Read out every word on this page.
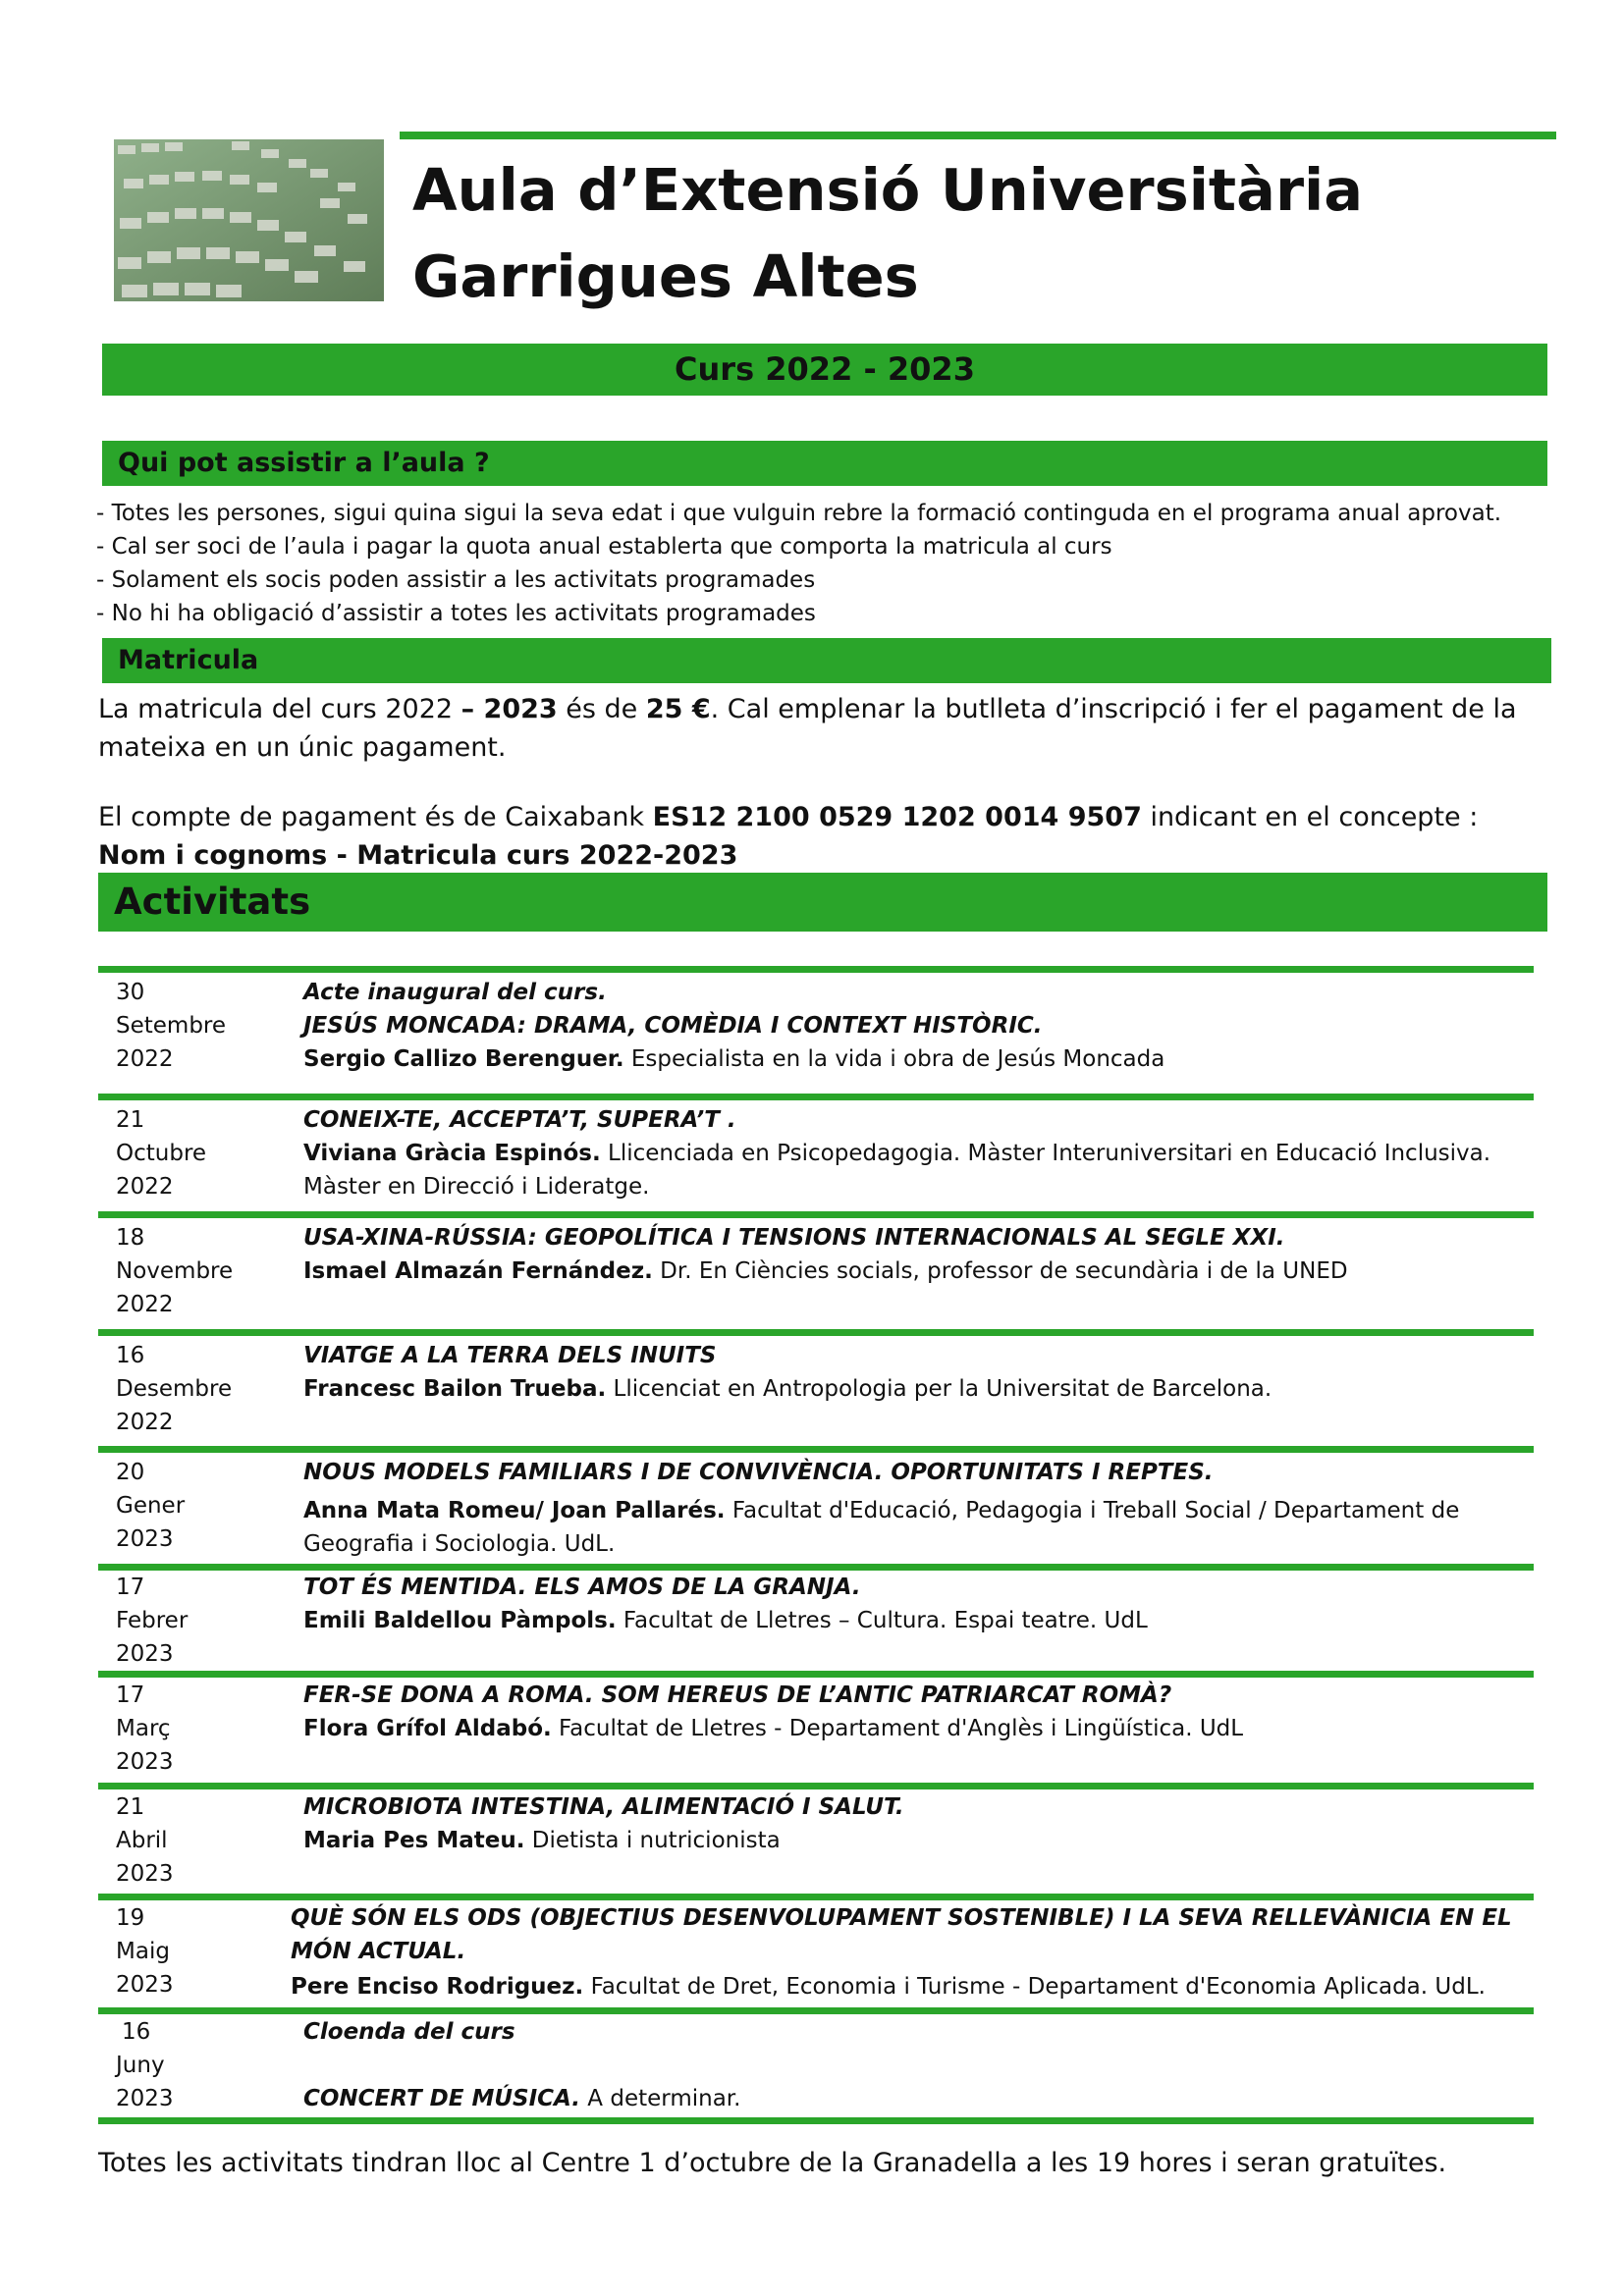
Aula d’Extensió Universitària
Garrigues Altes
Curs 2022 - 2023
Qui pot assistir a l’aula ?
- Totes les persones, sigui quina sigui la seva edat i que vulguin rebre la formació continguda en el programa anual aprovat.
- Cal ser soci de l’aula i pagar la quota anual establerta que comporta la matricula al curs
- Solament els socis poden assistir a les activitats programades
- No hi ha obligació d’assistir a totes les activitats programades
Matricula
La matricula del curs 2022 – 2023 és de 25 €. Cal emplenar la butlleta d’inscripció i fer el pagament de la mateixa en un únic pagament.
El compte de pagament és de Caixabank ES12 2100 0529 1202 0014 9507 indicant en el concepte : Nom i cognoms - Matricula curs 2022-2023
Activitats
30
Setembre
2022
Acte inaugural del curs.
JESÚS MONCADA: DRAMA, COMÈDIA I CONTEXT HISTÒRIC.
Sergio Callizo Berenguer. Especialista en la vida i obra de Jesús Moncada
21
Octubre
2022
CONEIX-TE, ACCEPTA’T, SUPERA’T .
Viviana Gràcia Espinós. Llicenciada en Psicopedagogia. Màster Interuniversitari en Educació Inclusiva. Màster en Direcció i Lideratge.
18
Novembre
2022
USA-XINA-RÚSSIA: GEOPOLÍTICA I TENSIONS INTERNACIONALS AL SEGLE XXI.
Ismael Almazán Fernández. Dr. En Ciències socials, professor de secundària i de la UNED
16
Desembre
2022
VIATGE A LA TERRA DELS INUITS
Francesc Bailon Trueba. Llicenciat en Antropologia per la Universitat de Barcelona.
20
Gener
2023
NOUS MODELS FAMILIARS I DE CONVIVÈNCIA. OPORTUNITATS I REPTES.
Anna Mata Romeu/ Joan Pallarés. Facultat d'Educació, Pedagogia i Treball Social / Departament de Geografia i Sociologia. UdL.
17
Febrer
2023
TOT ÉS MENTIDA. ELS AMOS DE LA GRANJA.
Emili Baldellou Pàmpols. Facultat de Lletres – Cultura. Espai teatre. UdL
17
Març
2023
FER-SE DONA A ROMA. SOM HEREUS DE L’ANTIC PATRIARCAT ROMÀ?
Flora Grífol Aldabó. Facultat de Lletres - Departament d'Anglès i Lingüística. UdL
21
Abril
2023
MICROBIOTA INTESTINA, ALIMENTACIÓ I SALUT.
Maria Pes Mateu. Dietista i nutricionista
19
Maig
2023
QUÈ SÓN ELS ODS (OBJECTIUS DESENVOLUPAMENT SOSTENIBLE) I LA SEVA RELLEVÀNICIA EN EL MÓN ACTUAL.
Pere Enciso Rodriguez. Facultat de Dret, Economia i Turisme - Departament d'Economia Aplicada. UdL.
16
Juny
2023
Cloenda del curs
CONCERT DE MÚSICA. A determinar.
Totes les activitats tindran lloc al Centre 1 d’octubre de la Granadella a les 19 hores i seran gratuïtes.
